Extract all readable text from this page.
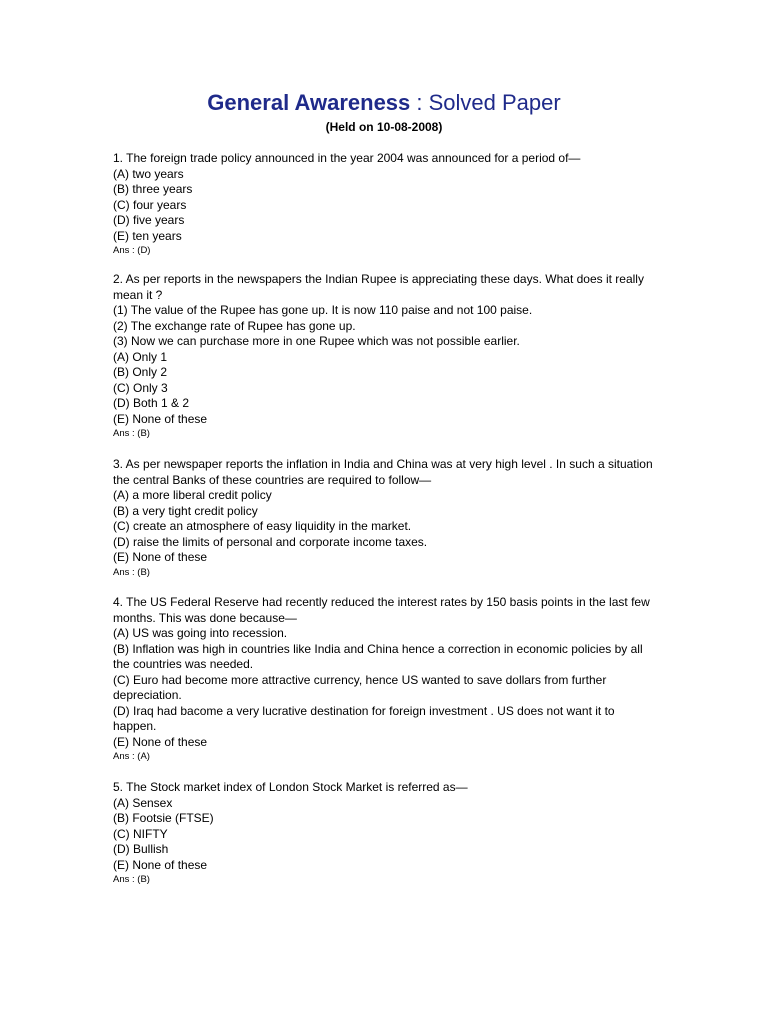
General Awareness : Solved Paper
(Held on 10-08-2008)
1. The foreign trade policy announced in the year 2004 was announced for a period of—
(A) two years
(B) three years
(C) four years
(D) five years
(E) ten years
Ans : (D)
2. As per reports in the newspapers the Indian Rupee is appreciating these days. What does it really mean it ?
(1) The value of the Rupee has gone up. It is now 110 paise and not 100 paise.
(2) The exchange rate of Rupee has gone up.
(3) Now we can purchase more in one Rupee which was not possible earlier.
(A) Only 1
(B) Only 2
(C) Only 3
(D) Both 1 & 2
(E) None of these
Ans : (B)
3. As per newspaper reports the inflation in India and China was at very high level . In such a situation the central Banks of these countries are required to follow—
(A) a more liberal credit policy
(B) a very tight credit policy
(C) create an atmosphere of easy liquidity in the market.
(D) raise the limits of personal and corporate income taxes.
(E) None of these
Ans : (B)
4. The US Federal Reserve had recently reduced the interest rates by 150 basis points in the last few months. This was done because—
(A) US was going into recession.
(B) Inflation was high in countries like India and China hence a correction in economic policies by all the countries was needed.
(C) Euro had become more attractive currency, hence US wanted to save dollars from further depreciation.
(D) Iraq had bacome a very lucrative destination for foreign investment . US does not want it to happen.
(E) None of these
Ans : (A)
5. The Stock market index of London Stock Market is referred as—
(A) Sensex
(B) Footsie (FTSE)
(C) NIFTY
(D) Bullish
(E) None of these
Ans : (B)
